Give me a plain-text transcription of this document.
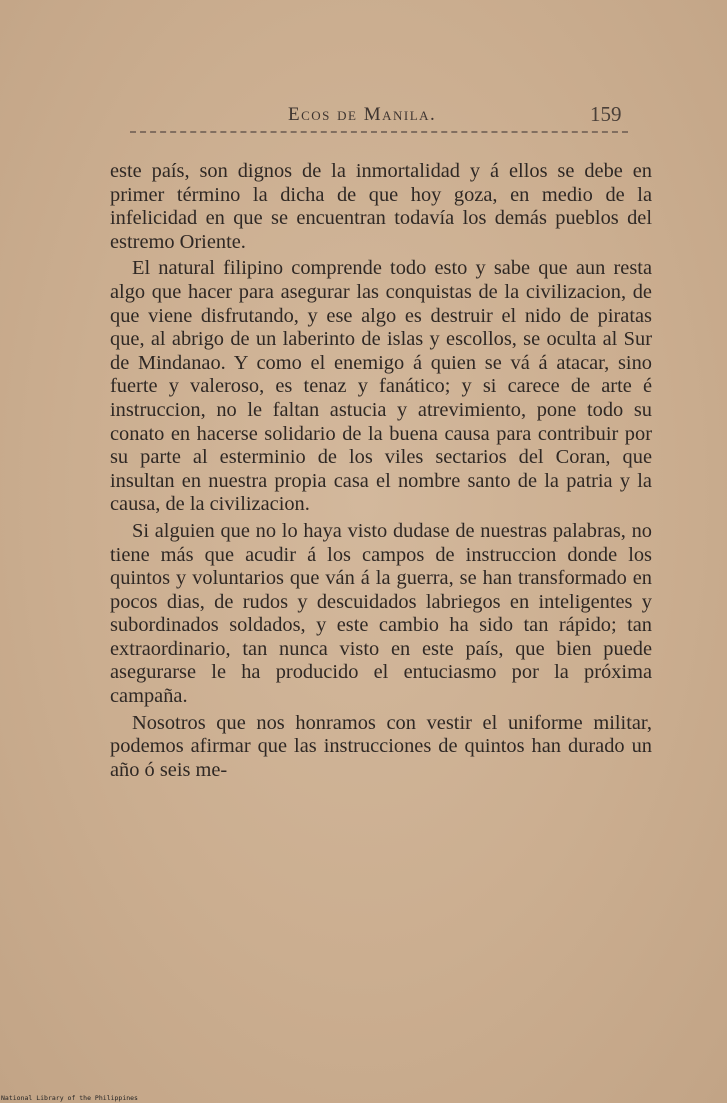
Ecos de Manila.	159

este país, son dignos de la inmortalidad y á ellos se debe en primer término la dicha de que hoy goza, en medio de la infelicidad en que se encuentran todavía los demás pueblos del estremo Oriente.

El natural filipino comprende todo esto y sabe que aun resta algo que hacer para asegurar las conquistas de la civilizacion, de que viene disfrutando, y ese algo es destruir el nido de piratas que, al abrigo de un laberinto de islas y escollos, se oculta al Sur de Mindanao. Y como el enemigo á quien se vá á atacar, sino fuerte y valeroso, es tenaz y fanático; y si carece de arte é instruccion, no le faltan astucia y atrevimiento, pone todo su conato en hacerse solidario de la buena causa para contribuir por su parte al esterminio de los viles sectarios del Coran, que insultan en nuestra propia casa el nombre santo de la patria y la causa, de la civilizacion.

Si alguien que no lo haya visto dudase de nuestras palabras, no tiene más que acudir á los campos de instruccion donde los quintos y voluntarios que ván á la guerra, se han transformado en pocos dias, de rudos y descuidados labriegos en inteligentes y subordinados soldados, y este cambio ha sido tan rápido; tan extraordinario, tan nunca visto en este país, que bien puede asegurarse le ha producido el entuciasmo por la próxima campaña.

Nosotros que nos honramos con vestir el uniforme militar, podemos afirmar que las instrucciones de quintos han durado un año ó seis me-

National Library of the Philippines
